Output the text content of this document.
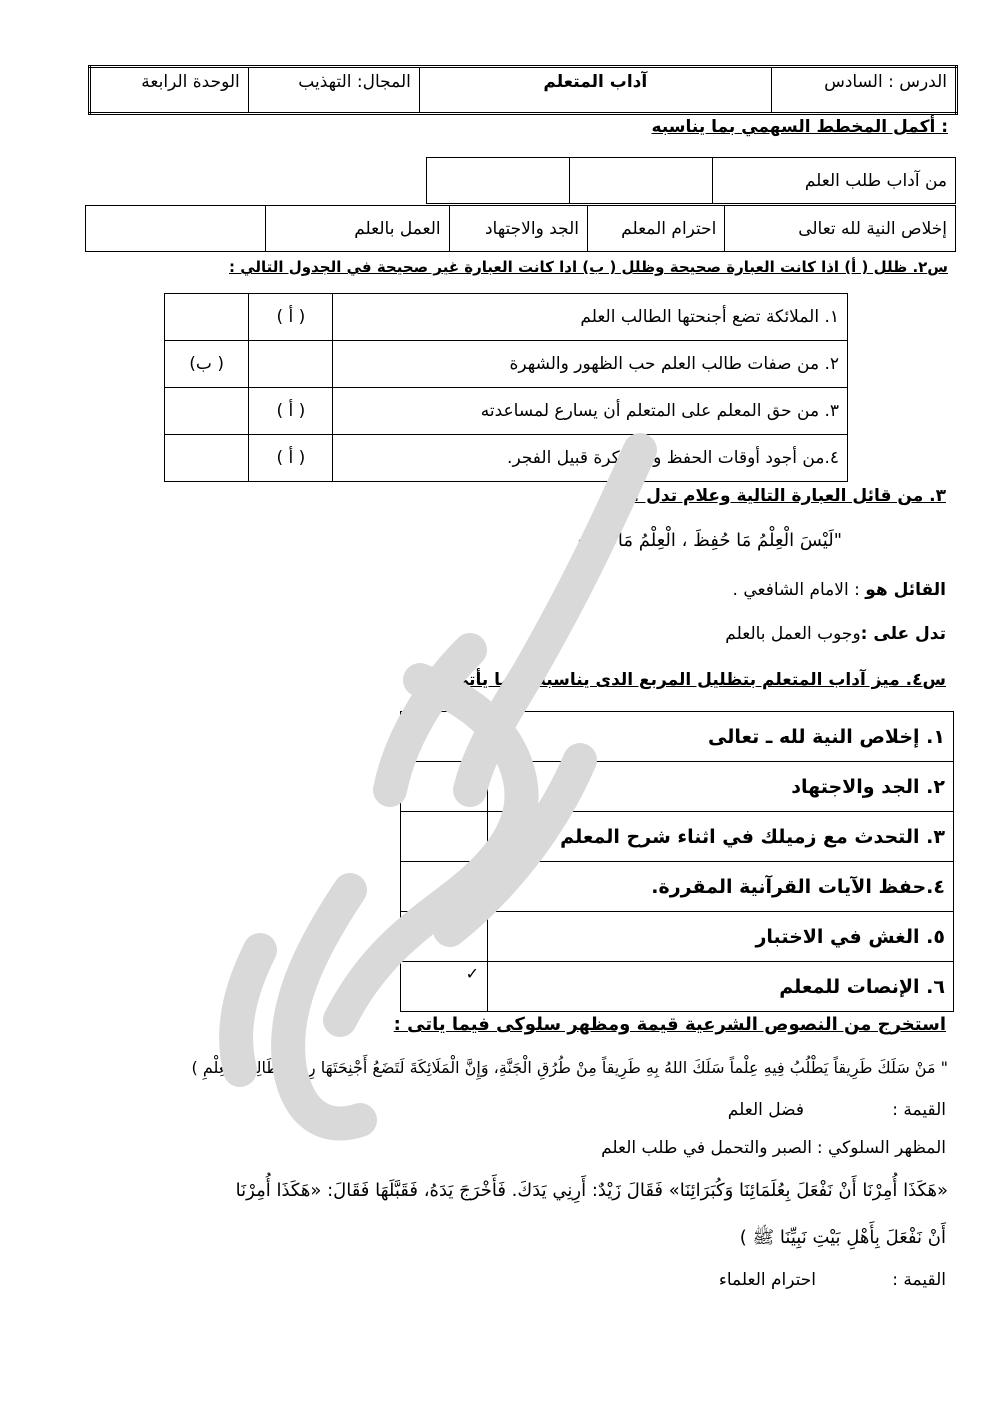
الدرس : السادس	آداب المتعلم	المجال: التهذيب	الوحدة الرابعة
: أكمل المخطط السهمي بما يناسبه
من آداب طلب العلم		
إخلاص النية لله تعالى	احترام المعلم	الجد والاجتهاد	العمل بالعلم	
س٢. ظلل ( أ) اذا كانت العبارة صحيحة وظلل ( ب) ادا كانت العبارة غير صحيحة في الجدول التالي :
١. الملائكة تضع أجنحتها الطالب العلم	( أ )	
٢. من صفات طالب العلم حب الظهور والشهرة		( ب)
٣. من حق المعلم على المتعلم أن يسارع لمساعدته	( أ )	
٤.من أجود أوقات الحفظ والمذاكرة قبيل الفجر.	( أ )	
٣. من قائل العبارة التالية وعلام تدل ؟
"لَيْسَ الْعِلْمُ مَا حُفِظَ ، الْعِلْمُ مَا نَفَعَ»
القائل هو : الامام الشافعي .
تدل على :وجوب العمل بالعلم
س٤. ميز آداب المتعلم بتظليل المربع الدى يناسبه فيما يأتي :-
١. إخلاص النية لله ـ تعالى	✓
٢. الجد والاجتهاد	✓
٣. التحدث مع زميلك في اثناء شرح المعلم	
٤.حفظ الآيات القرآنية المقررة.	✓
٥. الغش في الاختبار	
٦. الإنصات للمعلم	✓
استخرج من النصوص الشرعية قيمة ومظهر سلوكى فيما ياتى :
" مَنْ سَلَكَ طَرِيقاً يَطْلُبُ فِيهِ عِلْماً سَلَكَ اللهُ بِهِ طَرِيقاً مِنْ طُرُقِ الْجَنَّةِ، وَإِنَّ الْمَلَائِكَةَ لَتَضَعُ أَجْنِحَتَهَا رِضاً لِطَالِبِ الْعِلْمِ )
القيمة :
فضل العلم
المظهر السلوكي :
الصبر والتحمل في طلب العلم
«هَكَذَا أُمِرْنَا أَنْ نَفْعَلَ بِعُلَمَائِنَا وَكُبَرَائِنَا» فَقَالَ زَيْدٌ: أَرِنِي يَدَكَ. فَأَخْرَجَ يَدَهُ، فَقَبَّلَهَا فَقَالَ: «هَكَذَا أُمِرْنَا
أَنْ نَفْعَلَ بِأَهْلِ بَيْتِ نَبِيِّنَا ﷺ )
القيمة :
احترام العلماء
